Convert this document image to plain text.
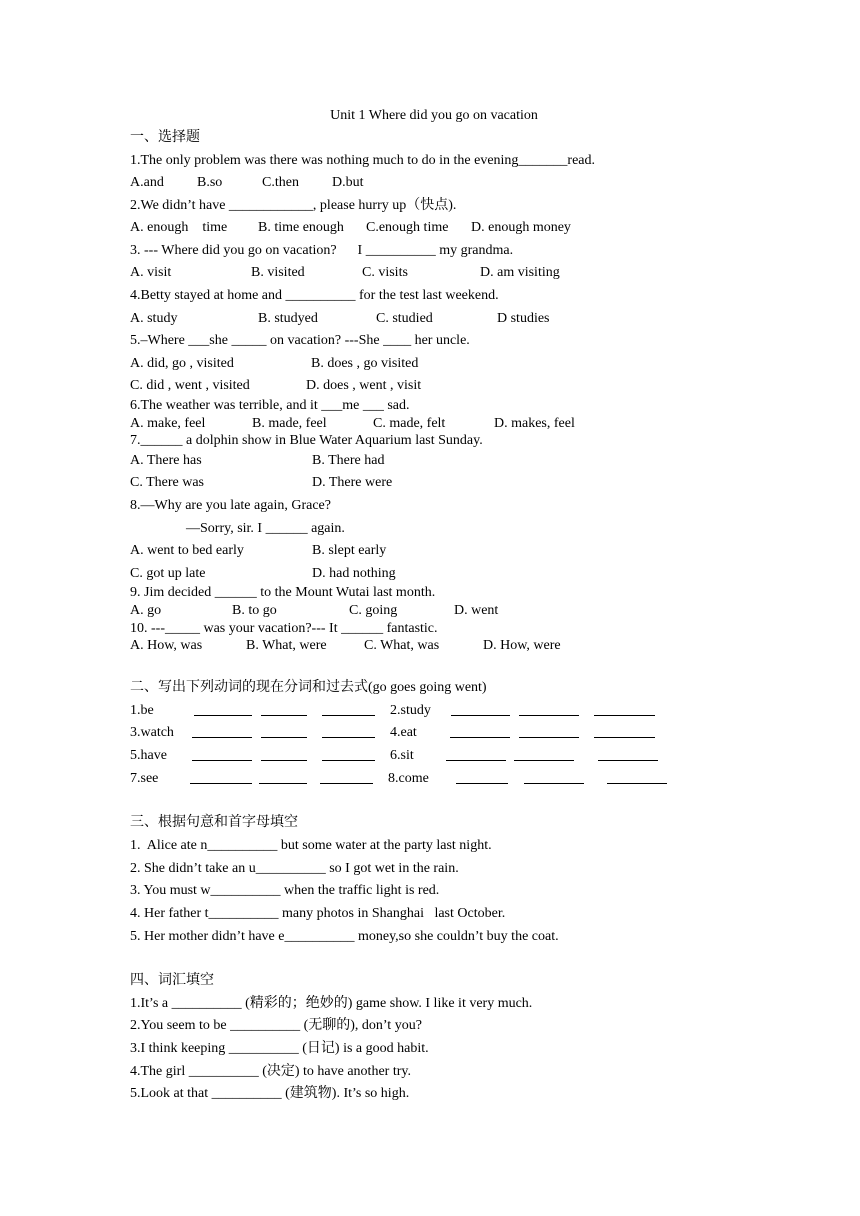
Unit 1 Where did you go on vacation
一、选择题
1.The only problem was there was nothing much to do in the evening_______read.
A.and B.so	C.then D.but
2.We didn’t have ____________, please hurry up（快点).
A. enough    time B. time enough C.enough time D. enough money
3. --- Where did you go on vacation?      I __________ my grandma.
A. visit	B. visited	C. visits	D. am visiting
4.Betty stayed at home and __________ for the test last weekend.
A. study	B. studyed	C. studied	D studies
5.–Where ___she _____ on vacation? ---She ____ her uncle.
A. did, go , visited	B. does , go visited
C. did , went , visited	D. does , went , visit
6.The weather was terrible, and it ___me ___ sad.
A. make, feel	B. made, feel	C. made, felt	D. makes, feel
7.______ a dolphin show in Blue Water Aquarium last Sunday.
A. There has	B. There had
C. There was	D. There were
8.—Why are you late again, Grace?
—Sorry, sir. I ______ again.
A. went to bed early	B. slept early
C. got up late	D. had nothing
9. Jim decided ______ to the Mount Wutai last month.
A. go	B. to go	C. going	D. went
10. ---_____ was your vacation?--- It ______ fantastic.
A. How, was	B. What, were	C. What, was	D. How, were
二、写出下列动词的现在分词和过去式(go goes going went)
1.be	2.study
3.watch	4.eat
5.have	6.sit
7.see	8.come
三、根据句意和首字母填空
1.  Alice ate n__________ but some water at the party last night.
2. She didn’t take an u__________ so I got wet in the rain.
3. You must w__________ when the traffic light is red.
4. Her father t__________ many photos in Shanghai   last October.
5. Her mother didn’t have e__________ money,so she couldn’t buy the coat.
四、词汇填空
1.It’s a __________ (精彩的；绝妙的) game show. I like it very much.
2.You seem to be __________ (无聊的), don’t you?
3.I think keeping __________ (日记) is a good habit.
4.The girl __________ (决定) to have another try.
5.Look at that __________ (建筑物). It’s so high.
